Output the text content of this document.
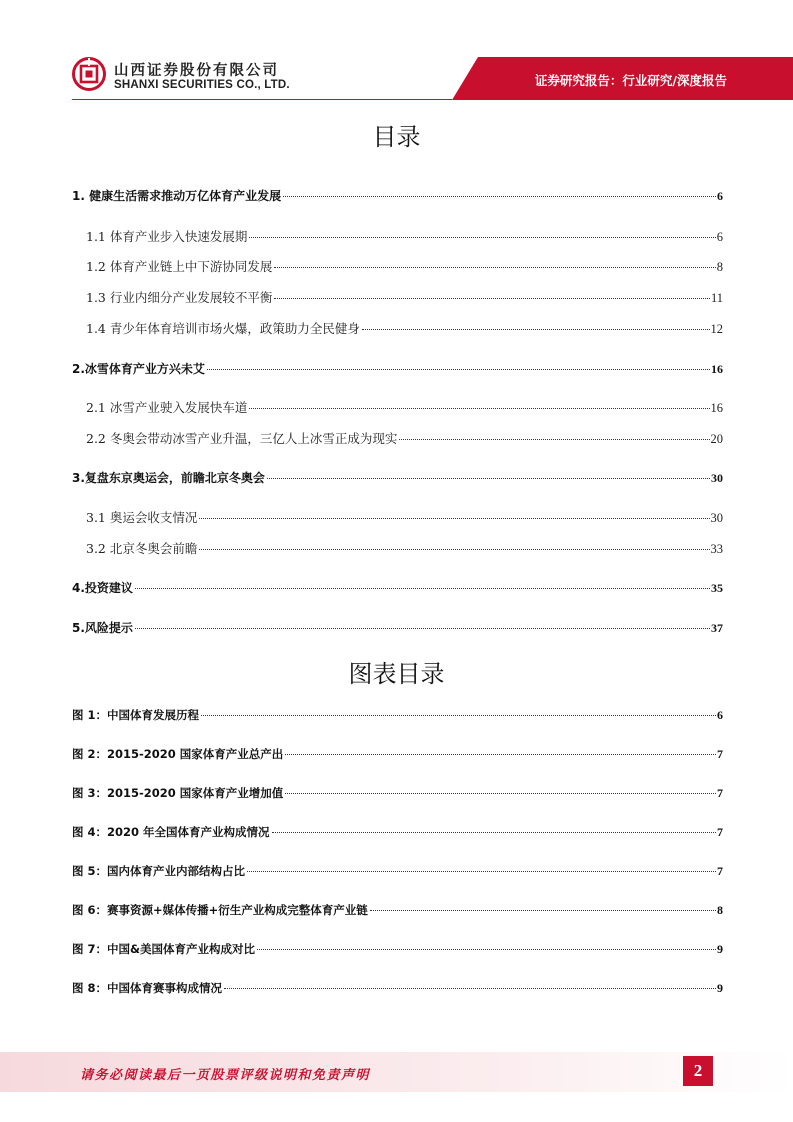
山西证券股份有限公司
SHANXI SECURITIES CO., LTD.	证券研究报告：行业研究/深度报告
目录
1. 健康生活需求推动万亿体育产业发展	6
1.1 体育产业步入快速发展期	6
1.2 体育产业链上中下游协同发展	8
1.3 行业内细分产业发展较不平衡	11
1.4 青少年体育培训市场火爆，政策助力全民健身	12
2.冰雪体育产业方兴未艾	16
2.1 冰雪产业驶入发展快车道	16
2.2 冬奥会带动冰雪产业升温，三亿人上冰雪正成为现实	20
3.复盘东京奥运会，前瞻北京冬奥会	30
3.1 奥运会收支情况	30
3.2 北京冬奥会前瞻	33
4.投资建议	35
5.风险提示	37
图表目录
图 1：中国体育发展历程	6
图 2：2015-2020 国家体育产业总产出	7
图 3：2015-2020 国家体育产业增加值	7
图 4：2020 年全国体育产业构成情况	7
图 5：国内体育产业内部结构占比	7
图 6：赛事资源+媒体传播+衍生产业构成完整体育产业链	8
图 7：中国&美国体育产业构成对比	9
图 8：中国体育赛事构成情况	9
请务必阅读最后一页股票评级说明和免责声明	2
